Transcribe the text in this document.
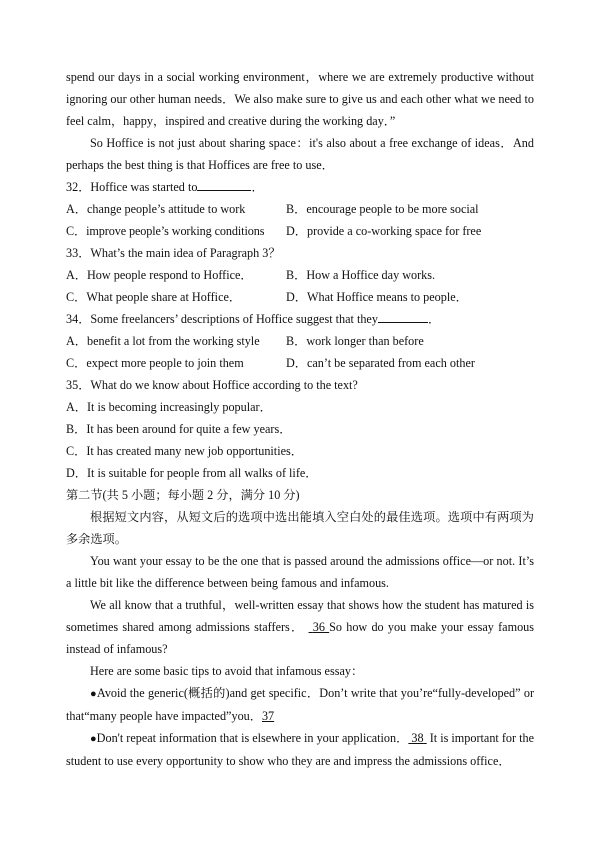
spend our days in a social working environment，where we are extremely productive without ignoring our other human needs．We also make sure to give us and each other what we need to feel calm，happy，inspired and creative during the working day．”
So Hoffice is not just about sharing space：it's also about a free exchange of ideas．And perhaps the best thing is that Hoffices are free to use．
32．Hoffice was started to	．
A．change people’s attitude to work	B．encourage people to be more social
C．improve people’s working conditions	D．provide a co-working space for free
33．What’s the main idea of Paragraph 3？
A．How people respond to Hoffice．	B．How a Hoffice day works.
C．What people share at Hoffice．	D．What Hoffice means to people．
34．Some freelancers’ descriptions of Hoffice suggest that they	．
A．benefit a lot from the working style	B．work longer than before
C．expect more people to join them	D．can’t be separated from each other
35．What do we know about Hoffice according to the text?
A．It is becoming increasingly popular．
B．It has been around for quite a few years．
C．It has created many new job opportunities．
D．It is suitable for people from all walks of life．
第二节(共 5 小题；每小题 2 分，满分 10 分)
根据短文内容，从短文后的选项中选出能填入空白处的最佳选项。选项中有两项为多余选项。
You want your essay to be the one that is passed around the admissions office—or not. It’s a little bit like the difference between being famous and infamous.
We all know that a truthful，well-written essay that shows how the student has matured is sometimes shared among admissions staffers． 36 So how do you make your essay famous instead of infamous?
Here are some basic tips to avoid that infamous essay：
●Avoid the generic(概括的)and get specific．Don’t write that you’re“fully-developed” or that“many people have impacted”you．37
●Don't repeat information that is elsewhere in your application． 38 It is important for the student to use every opportunity to show who they are and impress the admissions office．
